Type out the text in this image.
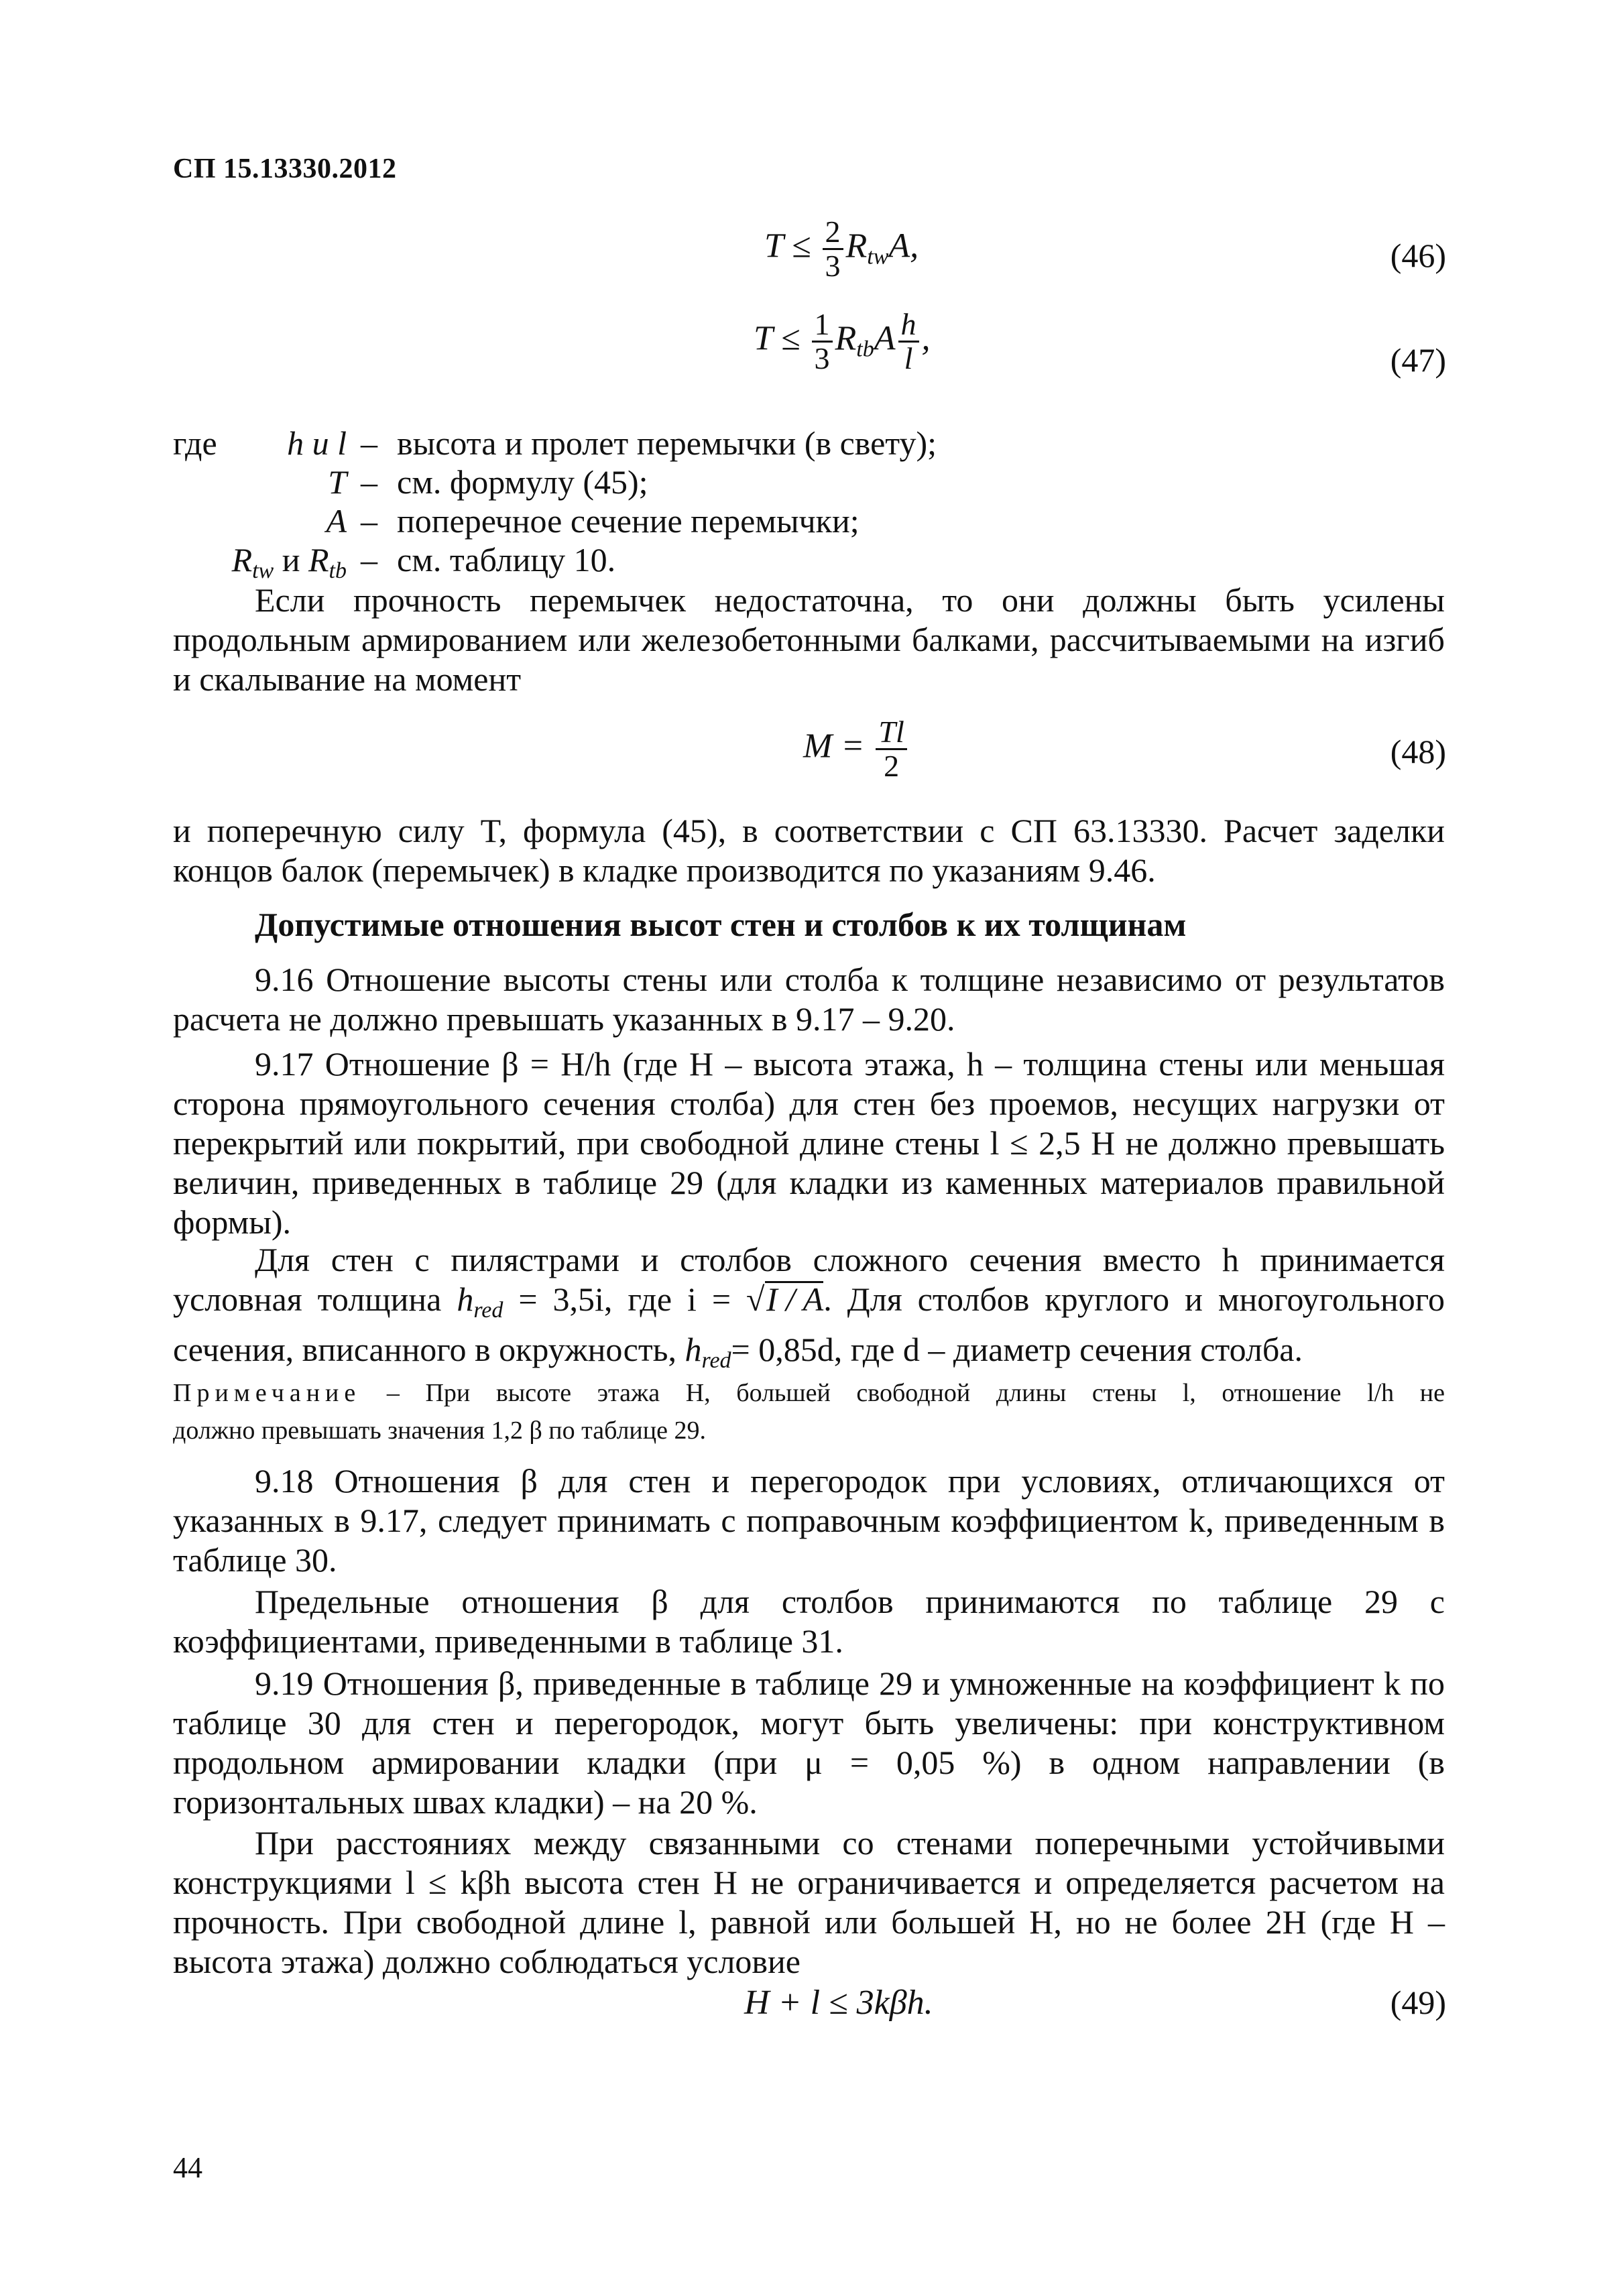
СП 15.13330.2012
$T \le \frac{2}{3} R_{tw}A$,	(46)
$T \le \frac{1}{3} R_{tb}A \frac{h}{l}$ ,
(47)
где h и l – высота и пролет перемычки (в свету);
T – см. формулу (45);
A – поперечное сечение перемычки;
$R_{tw}$ и $R_{tb}$ – см. таблицу 10.
Если прочность перемычек недостаточна, то они должны быть усилены
продольным армированием или железобетонными балками, рассчитываемыми на изгиб
и скалывание на момент
$M = \frac{Tl}{2}$	(48)
и поперечную силу T, формула (45), в соответствии с СП 63.13330. Расчет заделки
концов балок (перемычек) в кладке производится по указаниям 9.46.
Допустимые отношения высот стен и столбов к их толщинам
9.16 Отношение высоты стены или столба к толщине независимо от результатов
расчета не должно превышать указанных в 9.17 – 9.20.
9.17 Отношение β = H/h (где H – высота этажа, h – толщина стены или меньшая
сторона прямоугольного сечения столба) для стен без проемов, несущих нагрузки от
перекрытий или покрытий, при свободной длине стены l ≤ 2,5 H не должно превышать
величин, приведенных в таблице 29 (для кладки из каменных материалов правильной
формы).
Для стен с пилястрами и столбов сложного сечения вместо h принимается
условная толщина $h_{red} = 3,5i$, где i = √ I / A. Для столбов круглого и многоугольного
сечения, вписанного в окружность, $h_{red}= 0,85d$, где d – диаметр сечения столба.
Примечание – При высоте этажа H, большей свободной длины стены l, отношение l/h не
должно превышать значения 1,2 β по таблице 29.
9.18 Отношения β для стен и перегородок при условиях, отличающихся от
указанных в 9.17, следует принимать с поправочным коэффициентом k, приведенным в
таблице 30.
Предельные отношения β для столбов принимаются по таблице 29 с
коэффициентами, приведенными в таблице 31.
9.19 Отношения β, приведенные в таблице 29 и умноженные на коэффициент k по
таблице 30 для стен и перегородок, могут быть увеличены: при конструктивном
продольном армировании кладки (при μ = 0,05 %) в одном направлении (в
горизонтальных швах кладки) – на 20 %.
При расстояниях между связанными со стенами поперечными устойчивыми
конструкциями l ≤ kβh высота стен H не ограничивается и определяется расчетом на
прочность. При свободной длине l, равной или большей H, но не более 2H (где H –
высота этажа) должно соблюдаться условие
H + l ≤ 3kβh.	(49)
44
